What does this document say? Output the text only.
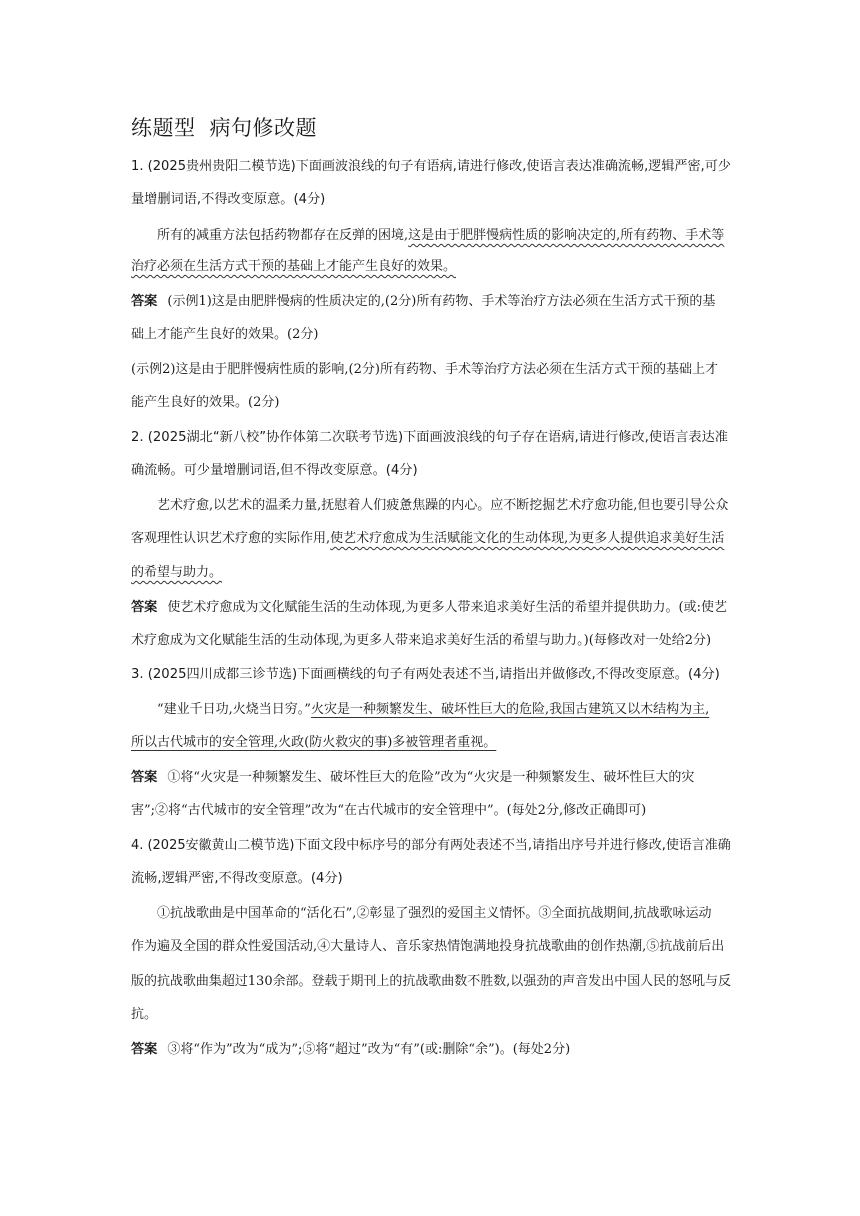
练题型 病句修改题
1. (2025贵州贵阳二模节选)下面画波浪线的句子有语病,请进行修改,使语言表达准确流畅,逻辑严密,可少
量增删词语,不得改变原意。(4分)
所有的减重方法包括药物都存在反弹的困境,这是由于肥胖慢病性质的影响决定的,所有药物、手术等
治疗必须在生活方式干预的基础上才能产生良好的效果。
答案 (示例1)这是由肥胖慢病的性质决定的,(2分)所有药物、手术等治疗方法必须在生活方式干预的基
础上才能产生良好的效果。(2分)
(示例2)这是由于肥胖慢病性质的影响,(2分)所有药物、手术等治疗方法必须在生活方式干预的基础上才
能产生良好的效果。(2分)
2. (2025湖北“新八校”协作体第二次联考节选)下面画波浪线的句子存在语病,请进行修改,使语言表达准
确流畅。可少量增删词语,但不得改变原意。(4分)
艺术疗愈,以艺术的温柔力量,抚慰着人们疲惫焦躁的内心。应不断挖掘艺术疗愈功能,但也要引导公众
客观理性认识艺术疗愈的实际作用,使艺术疗愈成为生活赋能文化的生动体现,为更多人提供追求美好生活
的希望与助力。
答案 使艺术疗愈成为文化赋能生活的生动体现,为更多人带来追求美好生活的希望并提供助力。(或:使艺
术疗愈成为文化赋能生活的生动体现,为更多人带来追求美好生活的希望与助力。)(每修改对一处给2分)
3. (2025四川成都三诊节选)下面画横线的句子有两处表述不当,请指出并做修改,不得改变原意。(4分)
“建业千日功,火烧当日穷。”火灾是一种频繁发生、破坏性巨大的危险,我国古建筑又以木结构为主,
所以古代城市的安全管理,火政(防火救灾的事)多被管理者重视。
答案 ①将“火灾是一种频繁发生、破坏性巨大的危险”改为“火灾是一种频繁发生、破坏性巨大的灾
害”;②将“古代城市的安全管理”改为“在古代城市的安全管理中”。(每处2分,修改正确即可)
4. (2025安徽黄山二模节选)下面文段中标序号的部分有两处表述不当,请指出序号并进行修改,使语言准确
流畅,逻辑严密,不得改变原意。(4分)
①抗战歌曲是中国革命的“活化石”,②彰显了强烈的爱国主义情怀。③全面抗战期间,抗战歌咏运动
作为遍及全国的群众性爱国活动,④大量诗人、音乐家热情饱满地投身抗战歌曲的创作热潮,⑤抗战前后出
版的抗战歌曲集超过130余部。登载于期刊上的抗战歌曲数不胜数,以强劲的声音发出中国人民的怒吼与反
抗。
答案 ③将“作为”改为“成为”;⑤将“超过”改为“有”(或:删除“余”)。(每处2分)
